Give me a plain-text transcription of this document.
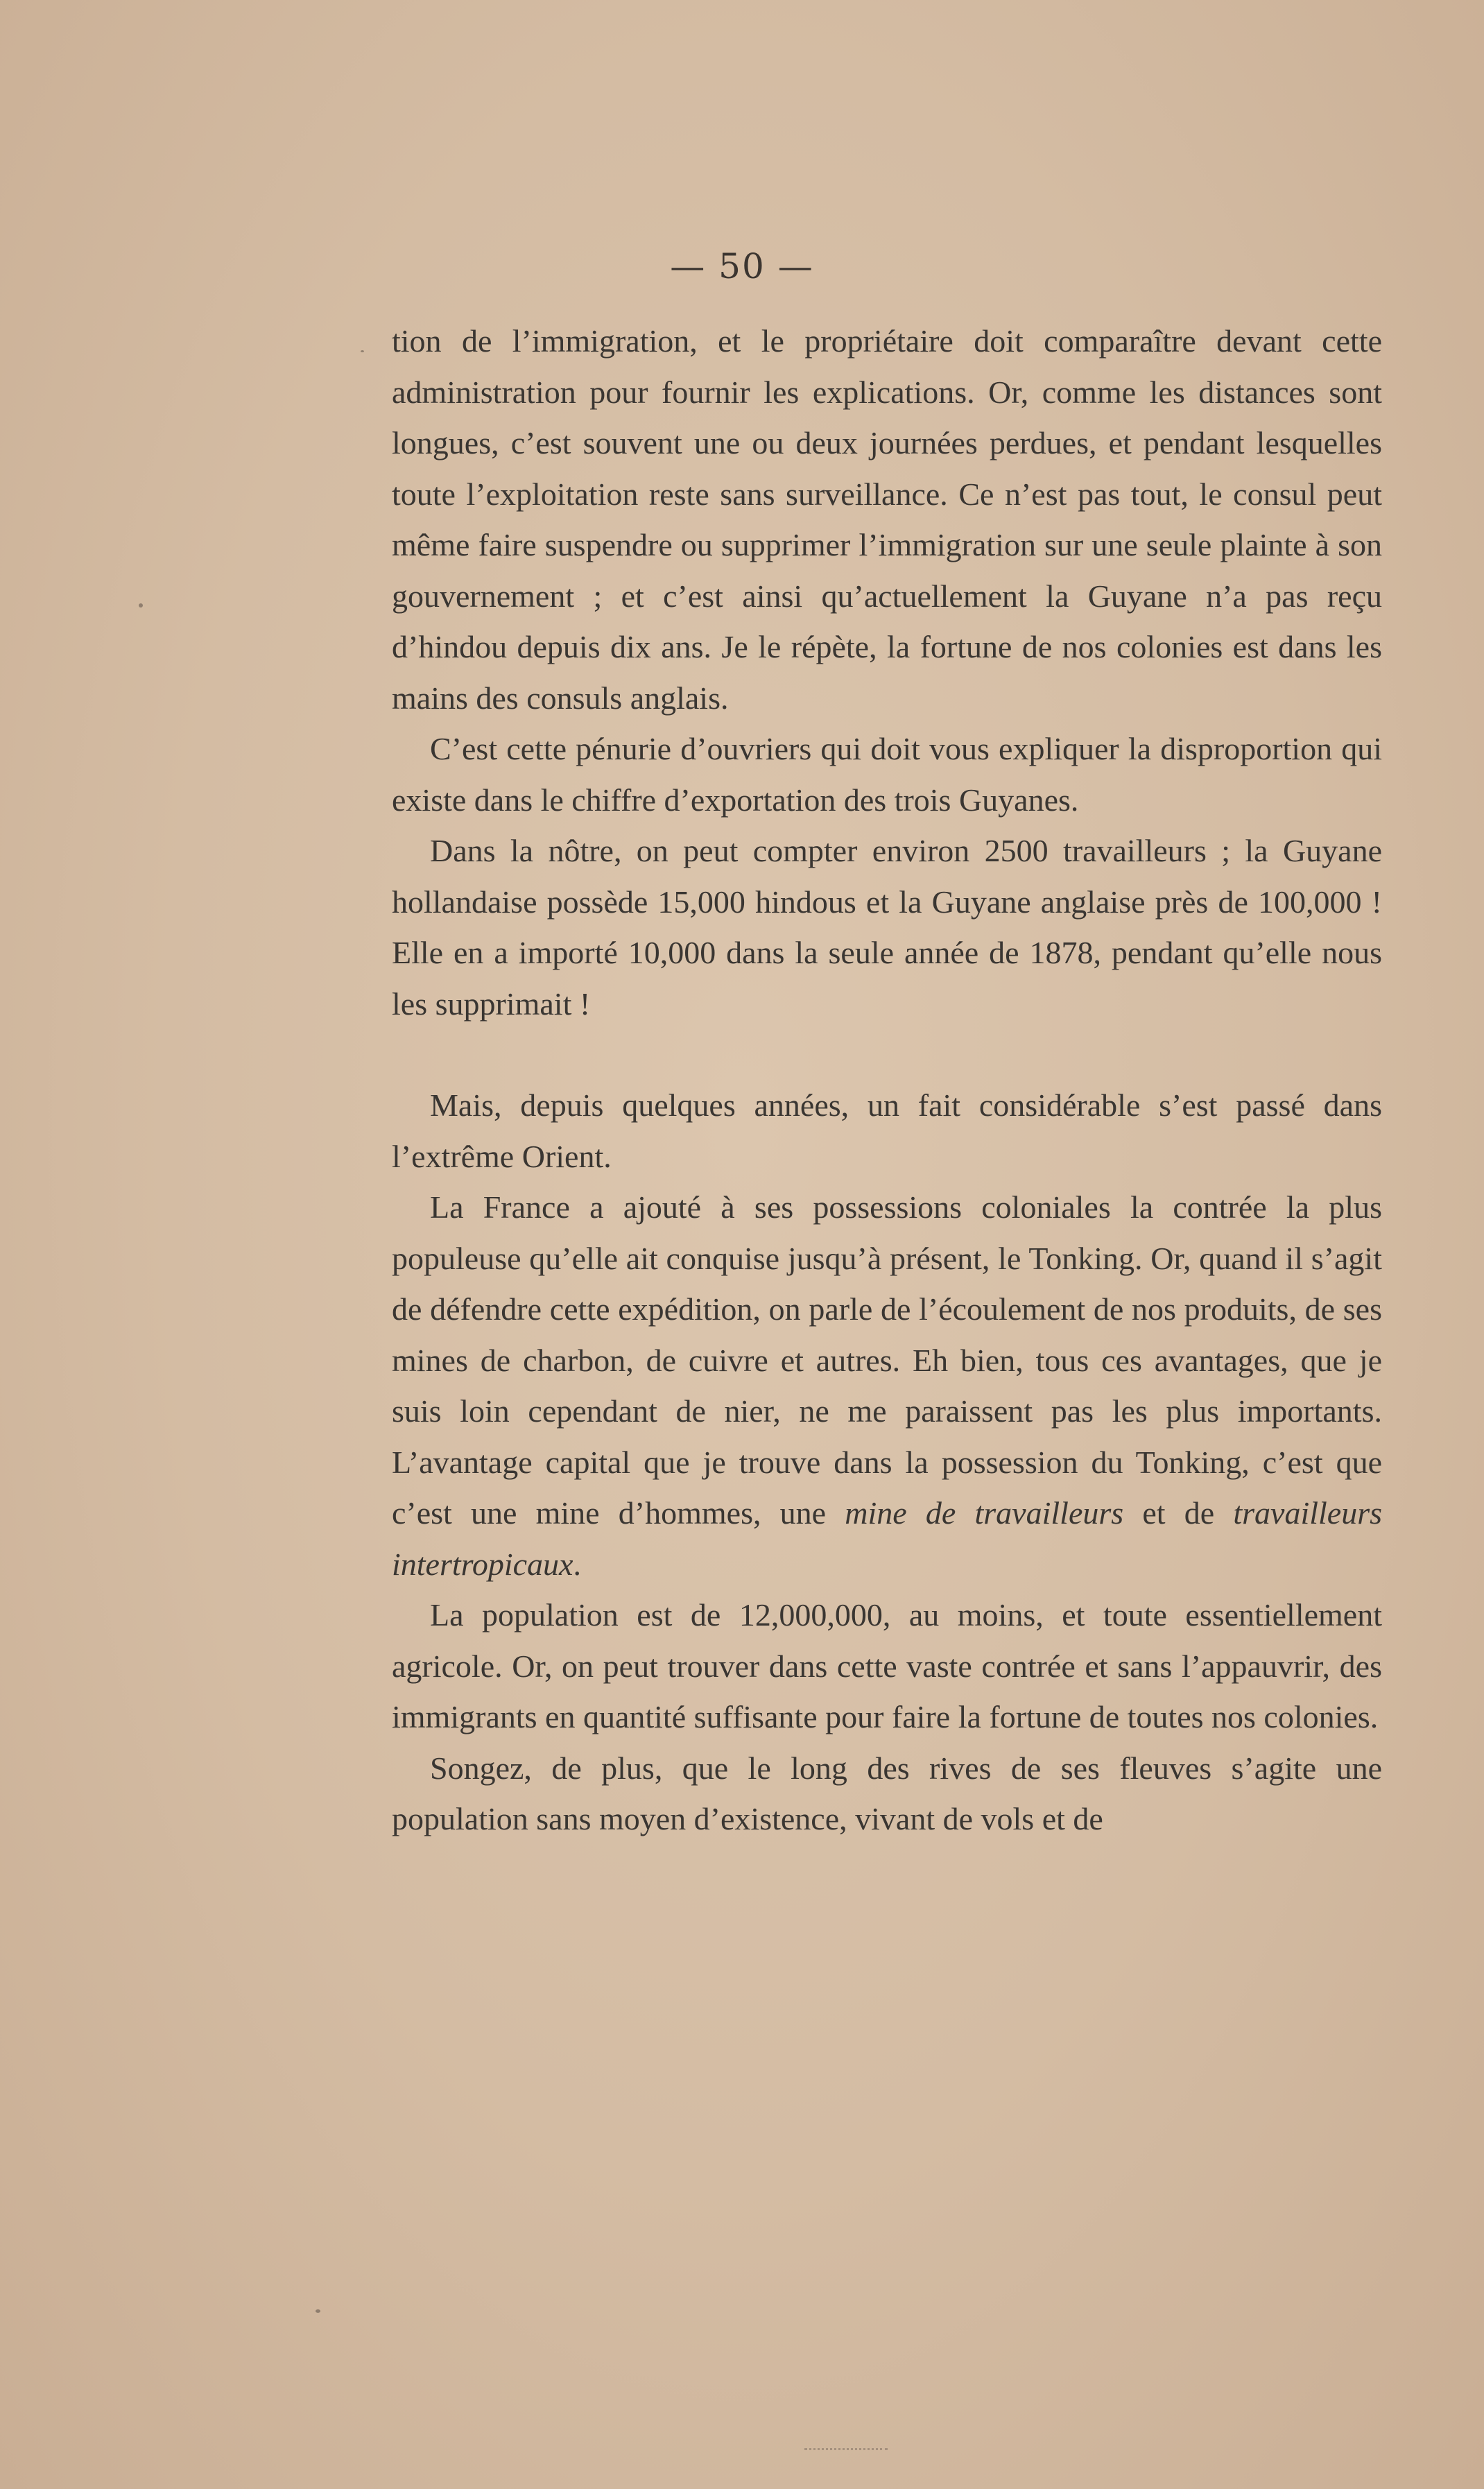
— 50 —

tion de l’immigration, et le propriétaire doit comparaître devant cette administration pour fournir les explications. Or, comme les distances sont longues, c’est souvent une ou deux journées perdues, et pendant lesquelles toute l’exploitation reste sans surveillance. Ce n’est pas tout, le consul peut même faire suspendre ou supprimer l’immigration sur une seule plainte à son gouvernement ; et c’est ainsi qu’actuellement la Guyane n’a pas reçu d’hindou depuis dix ans. Je le répète, la fortune de nos colonies est dans les mains des consuls anglais.

C’est cette pénurie d’ouvriers qui doit vous expliquer la disproportion qui existe dans le chiffre d’exportation des trois Guyanes.

Dans la nôtre, on peut compter environ 2500 travailleurs ; la Guyane hollandaise possède 15,000 hindous et la Guyane anglaise près de 100,000 ! Elle en a importé 10,000 dans la seule année de 1878, pendant qu’elle nous les supprimait !

Mais, depuis quelques années, un fait considérable s’est passé dans l’extrême Orient.

La France a ajouté à ses possessions coloniales la contrée la plus populeuse qu’elle ait conquise jusqu’à présent, le Tonking. Or, quand il s’agit de défendre cette expédition, on parle de l’écoulement de nos produits, de ses mines de charbon, de cuivre et autres. Eh bien, tous ces avantages, que je suis loin cependant de nier, ne me paraissent pas les plus importants. L’avantage capital que je trouve dans la possession du Tonking, c’est que c’est une mine d’hommes, une mine de travailleurs et de travailleurs intertropicaux.

La population est de 12,000,000, au moins, et toute essentiellement agricole. Or, on peut trouver dans cette vaste contrée et sans l’appauvrir, des immigrants en quantité suffisante pour faire la fortune de toutes nos colonies.

Songez, de plus, que le long des rives de ses fleuves s’agite une population sans moyen d’existence, vivant de vols et de
